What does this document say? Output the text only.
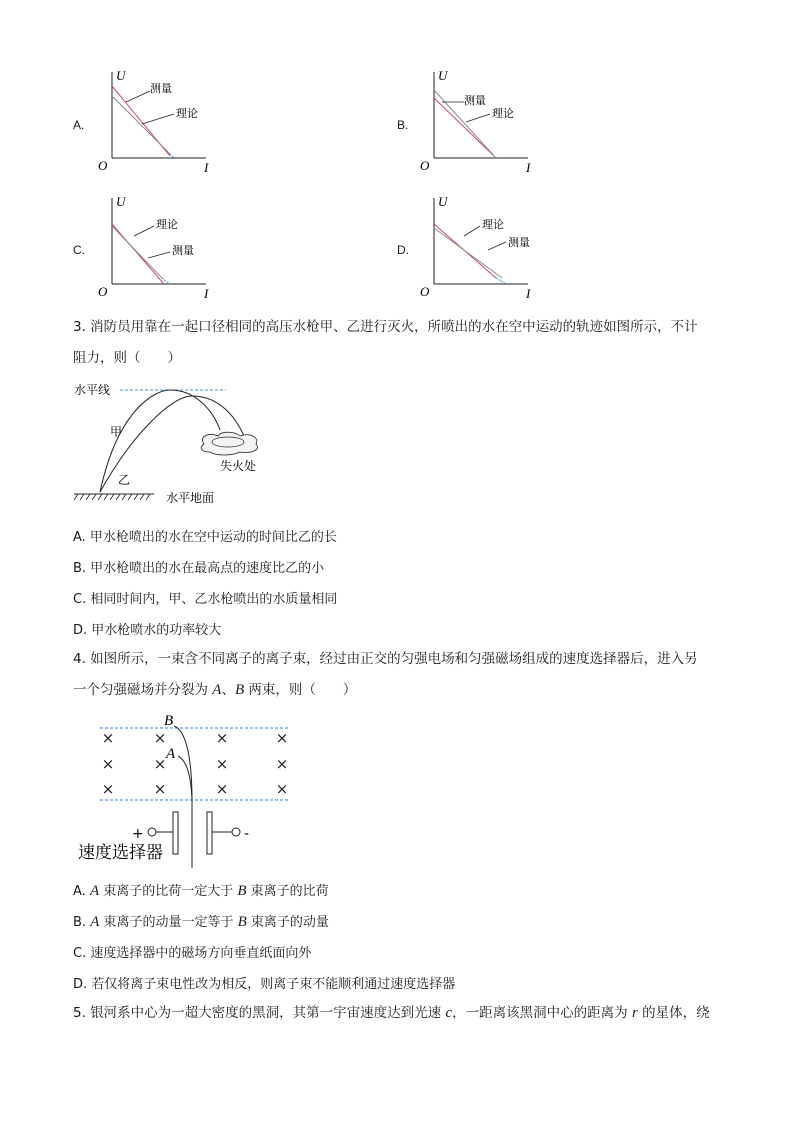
A.
U
O	I
测量
理论
B.
U
O	I
测量
理论
C.
U
O	I
理论
测量	D.
U
O	I
理论
测量
3. 消防员用靠在一起口径相同的高压水枪甲、乙进行灭火，所喷出的水在空中运动的轨迹如图所示，不计
阻力，则（　　）
水平线
甲
乙
失火处
水平地面
A. 甲水枪喷出的水在空中运动的时间比乙的长
B. 甲水枪喷出的水在最高点的速度比乙的小
C. 相同时间内，甲、乙水枪喷出的水质量相同
D. 甲水枪喷水的功率较大
4. 如图所示，一束含不同离子的离子束，经过由正交的匀强电场和匀强磁场组成的速度选择器后，进入另
一个匀强磁场并分裂为 A、B 两束，则（　　）
×	×	×	×
×	×	×	×
×	×	×	×
B
A
+	-
速度选择器
A. A 束离子的比荷一定大于 B 束离子的比荷
B. A 束离子的动量一定等于 B 束离子的动量
C. 速度选择器中的磁场方向垂直纸面向外
D. 若仅将离子束电性改为相反，则离子束不能顺利通过速度选择器
5. 银河系中心为一超大密度的黑洞，其第一宇宙速度达到光速 c，一距离该黑洞中心的距离为 r 的星体，绕
